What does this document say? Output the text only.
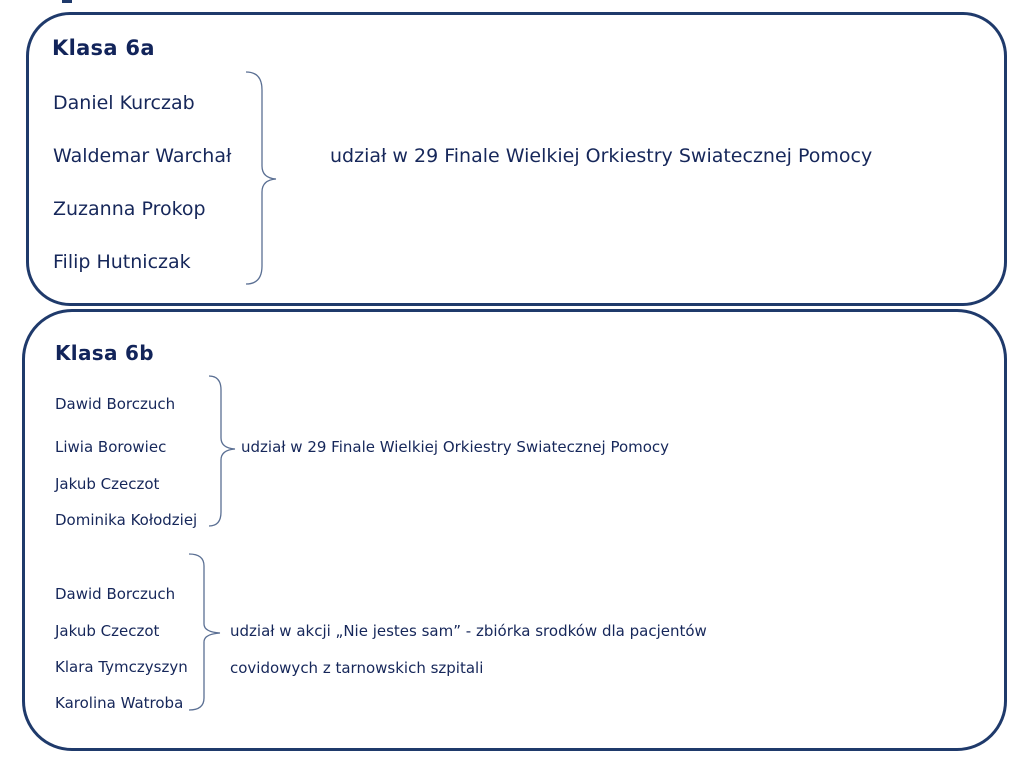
Klasa 6a
Daniel Kurczab
Waldemar Warchał
Zuzanna Prokop
Filip Hutniczak
udział w 29 Finale Wielkiej Orkiestry Swiatecznej Pomocy
Klasa 6b
Dawid Borczuch
Liwia Borowiec
Jakub Czeczot
Dominika Kołodziej
udział w 29 Finale Wielkiej Orkiestry Swiatecznej Pomocy
Dawid Borczuch
Jakub Czeczot
Klara Tymczyszyn
Karolina Watroba
udział w akcji „Nie jestes sam” - zbiórka srodków dla pacjentów
covidowych z tarnowskich szpitali
